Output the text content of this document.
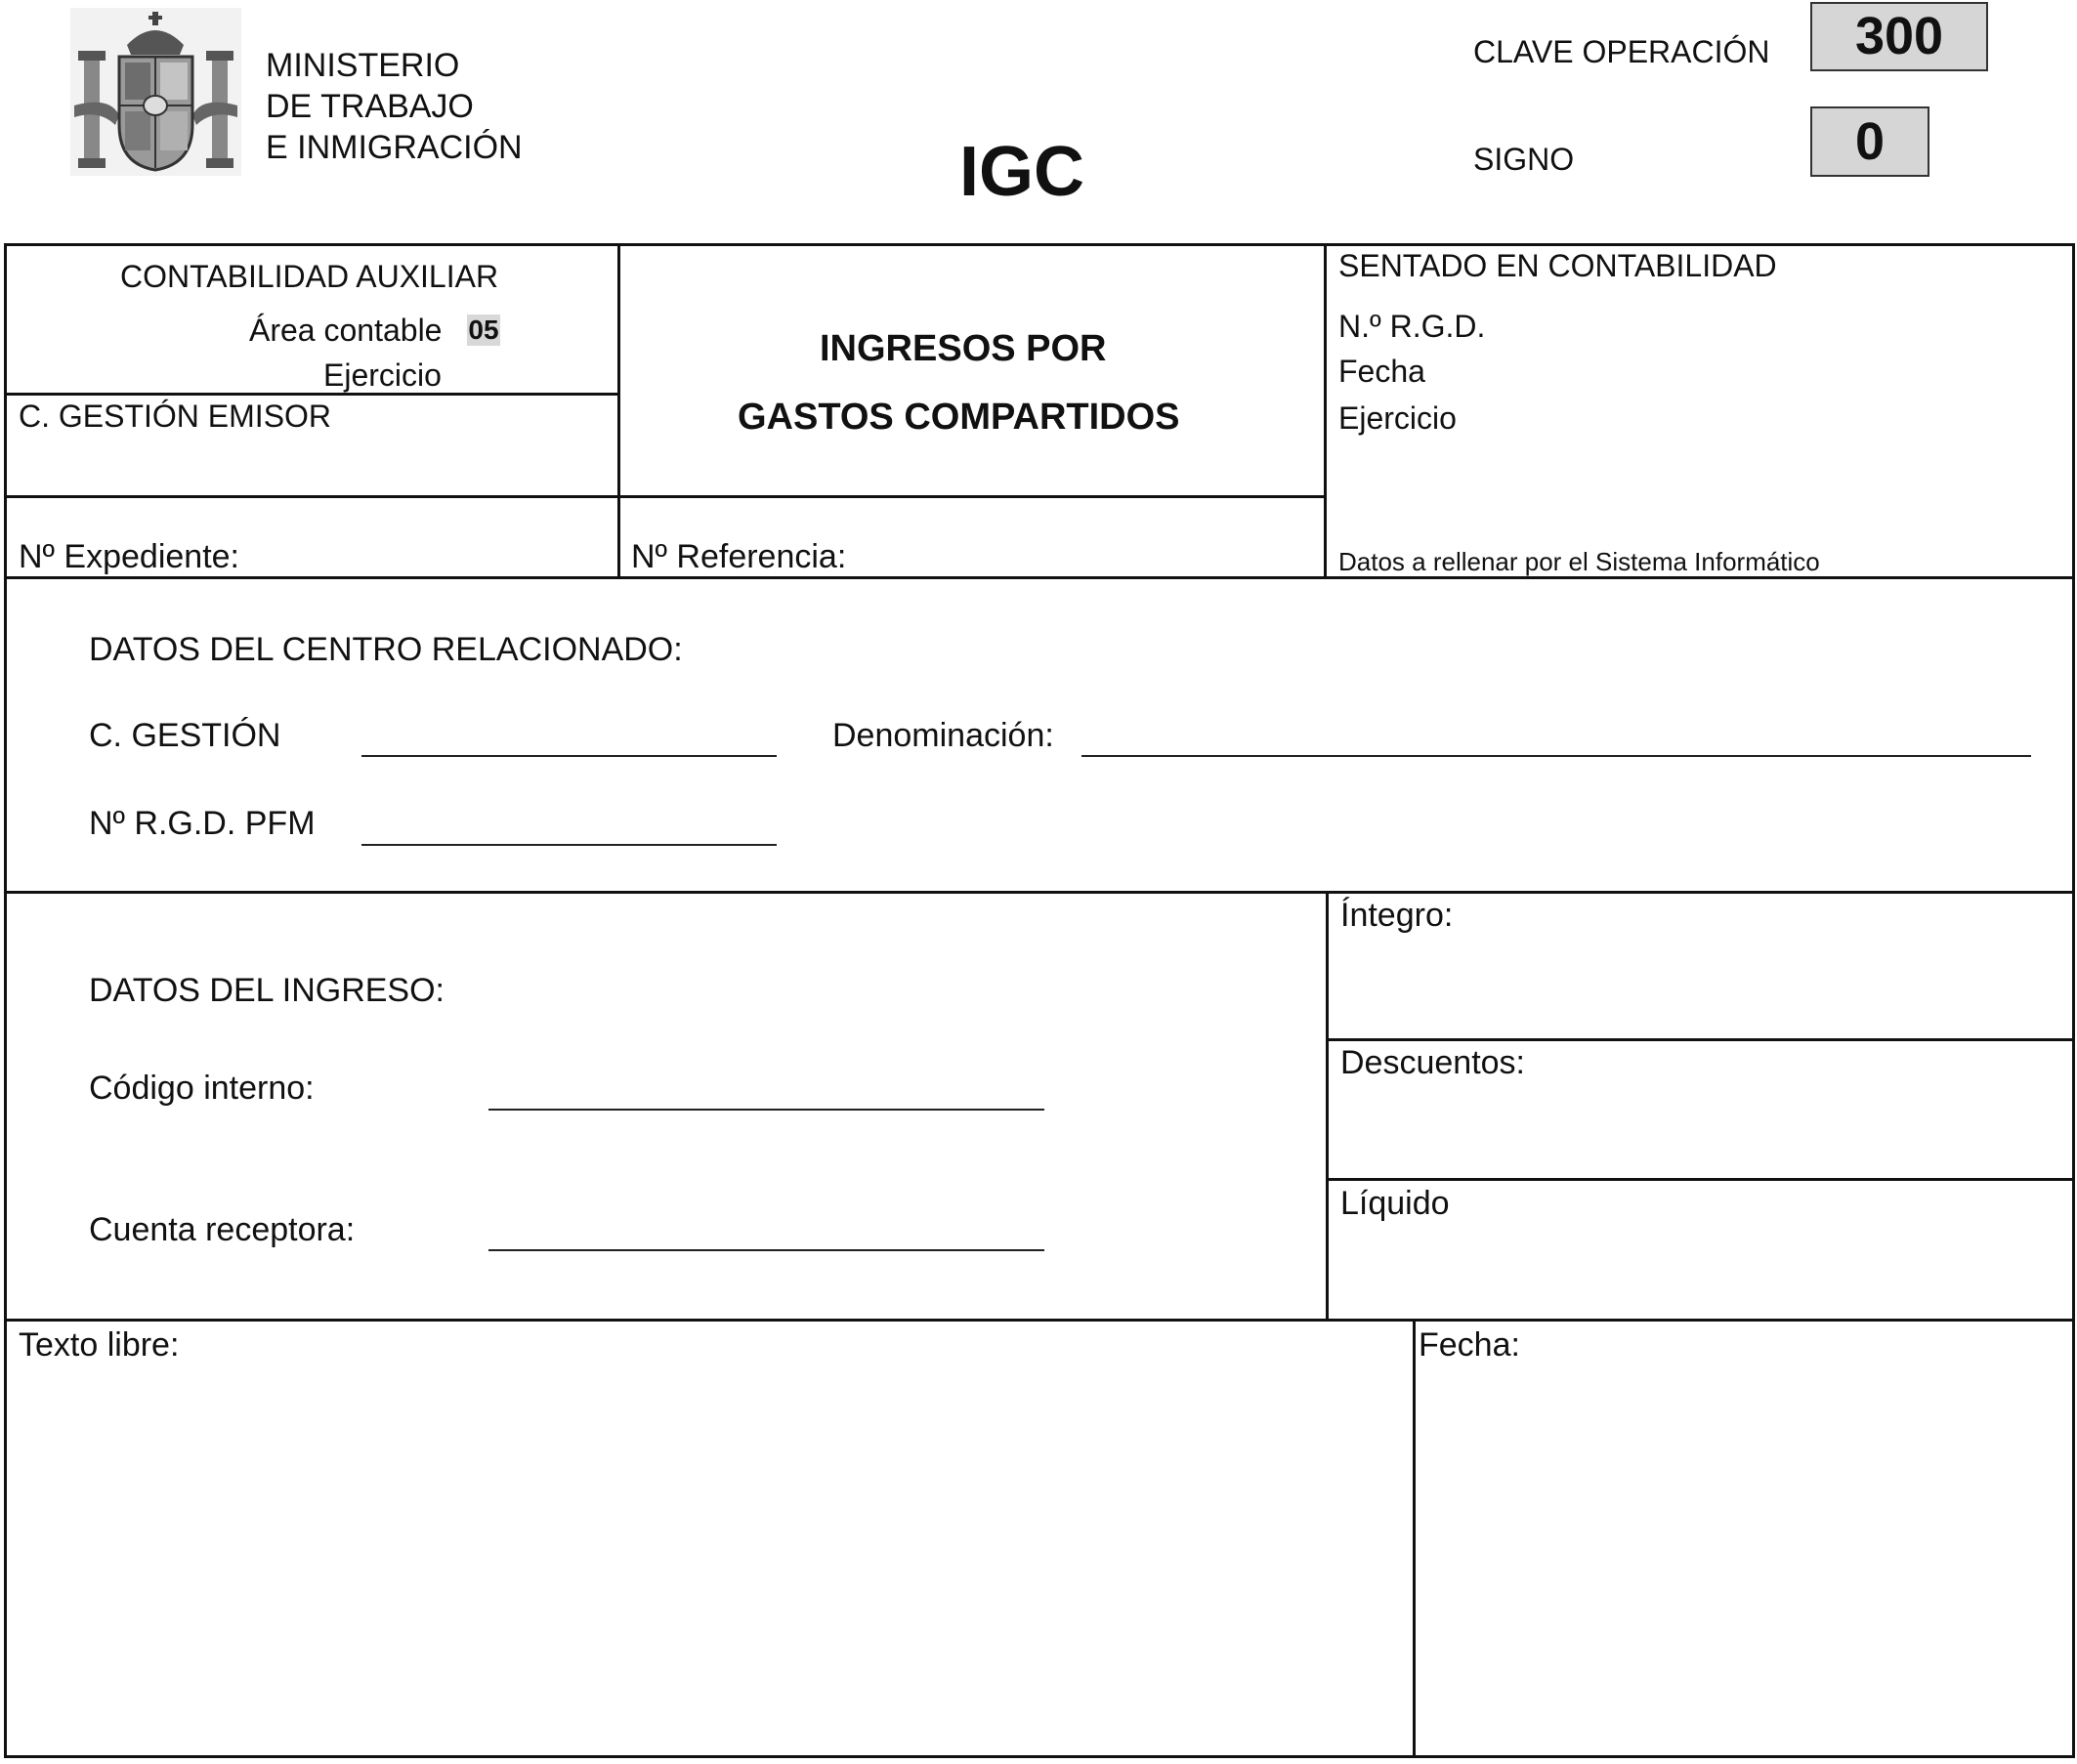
MINISTERIO
DE TRABAJO
E INMIGRACIÓN	IGC
CLAVE OPERACIÓN	300
SIGNO	0
CONTABILIDAD AUXILIAR
Área contable 05
Ejercicio
C. GESTIÓN EMISOR
Nº Expediente:
INGRESOS POR
GASTOS COMPARTIDOS
Nº Referencia:
SENTADO EN CONTABILIDAD
N.º R.G.D.
Fecha
Ejercicio
Datos a rellenar por el Sistema Informático
DATOS DEL CENTRO RELACIONADO:
C. GESTIÓN	Denominación:
Nº R.G.D. PFM
DATOS DEL INGRESO:
Código interno:
Cuenta receptora:
Íntegro:
Descuentos:
Líquido
Texto libre:	Fecha:
